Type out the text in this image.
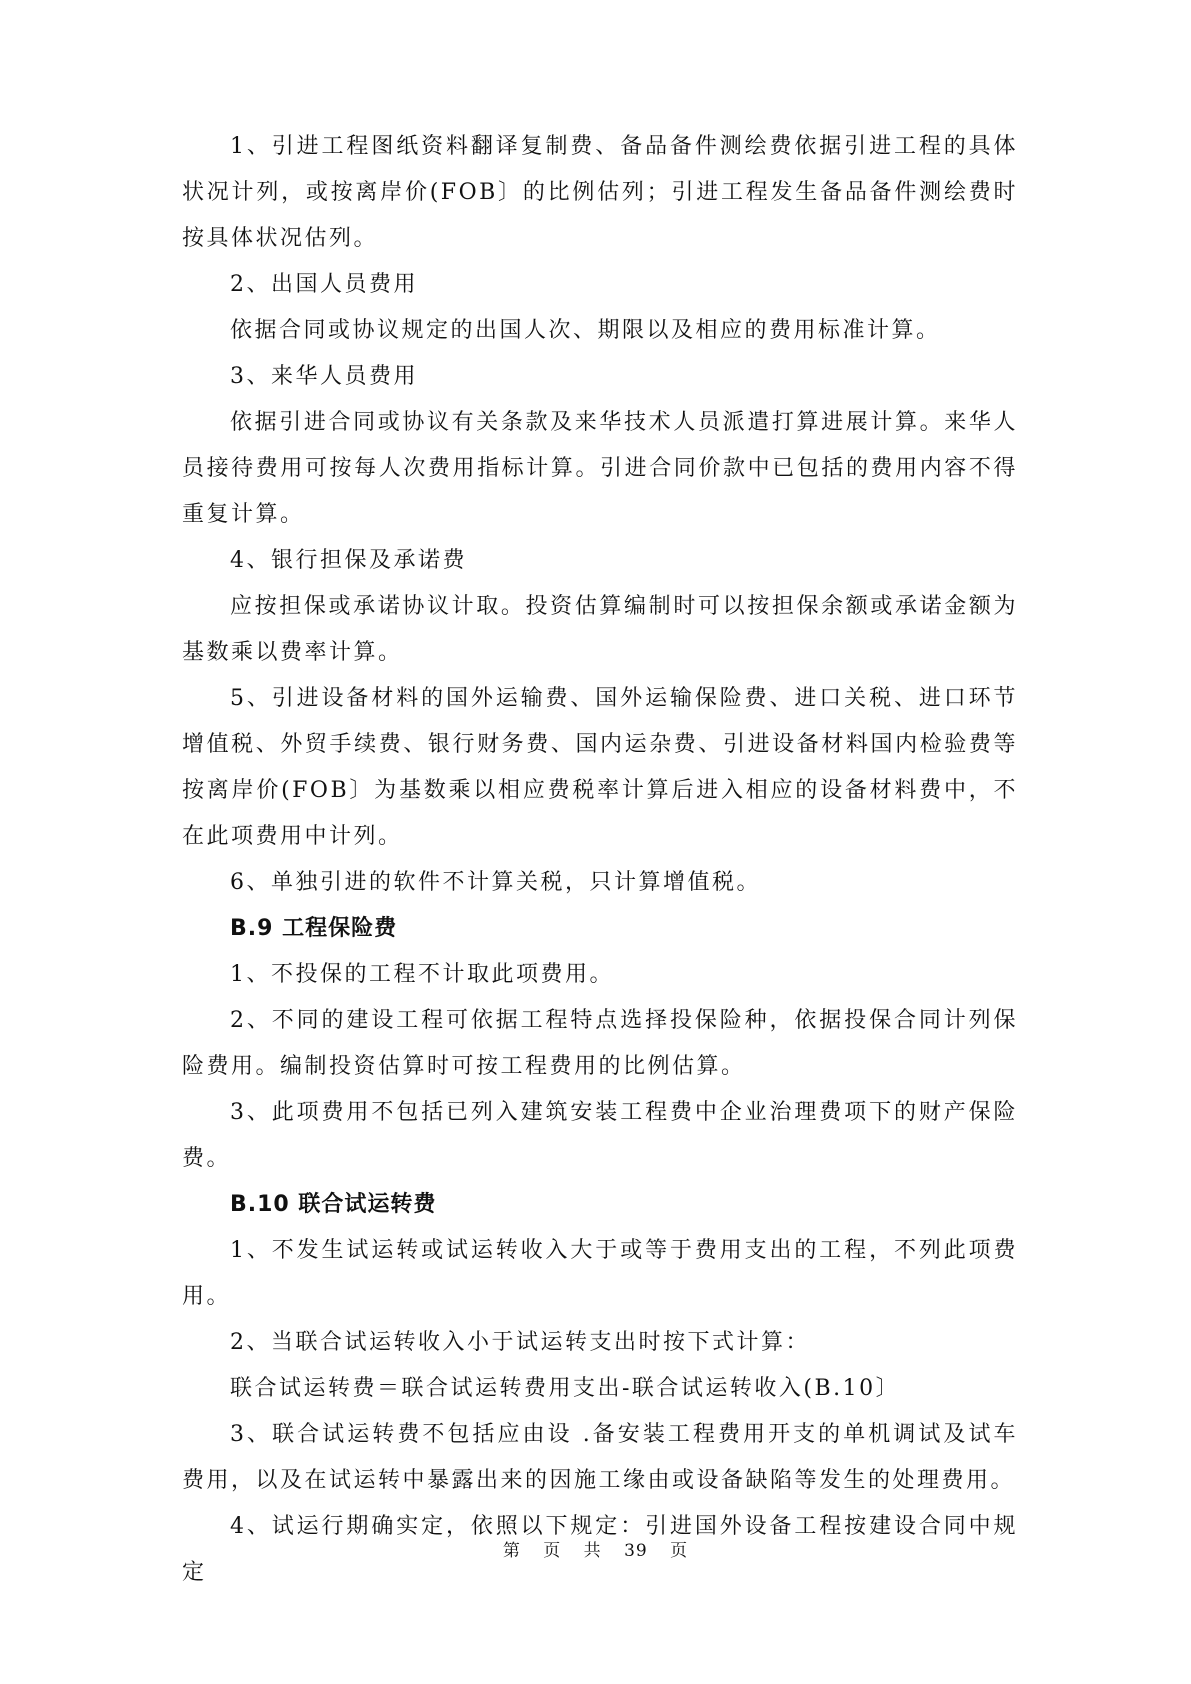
1、引进工程图纸资料翻译复制费、备品备件测绘费依据引进工程的具体状况计列，或按离岸价(FOB〕的比例估列；引进工程发生备品备件测绘费时按具体状况估列。

2、出国人员费用

依据合同或协议规定的出国人次、期限以及相应的费用标准计算。

3、来华人员费用

依据引进合同或协议有关条款及来华技术人员派遣打算进展计算。来华人员接待费用可按每人次费用指标计算。引进合同价款中已包括的费用内容不得重复计算。

4、银行担保及承诺费

应按担保或承诺协议计取。投资估算编制时可以按担保余额或承诺金额为基数乘以费率计算。

5、引进设备材料的国外运输费、国外运输保险费、进口关税、进口环节增值税、外贸手续费、银行财务费、国内运杂费、引进设备材料国内检验费等按离岸价(FOB〕为基数乘以相应费税率计算后进入相应的设备材料费中，不在此项费用中计列。

6、单独引进的软件不计算关税，只计算增值税。

B.9 工程保险费

1、不投保的工程不计取此项费用。

2、不同的建设工程可依据工程特点选择投保险种，依据投保合同计列保险费用。编制投资估算时可按工程费用的比例估算。

3、此项费用不包括已列入建筑安装工程费中企业治理费项下的财产保险费。

B.10 联合试运转费

1、不发生试运转或试运转收入大于或等于费用支出的工程，不列此项费用。

2、当联合试运转收入小于试运转支出时按下式计算：

联合试运转费＝联合试运转费用支出-联合试运转收入(B.10〕

3、联合试运转费不包括应由设 .备安装工程费用开支的单机调试及试车费用，以及在试运转中暴露出来的因施工缘由或设备缺陷等发生的处理费用。

4、试运行期确实定，依照以下规定：引进国外设备工程按建设合同中规定

第 页 共 39 页
